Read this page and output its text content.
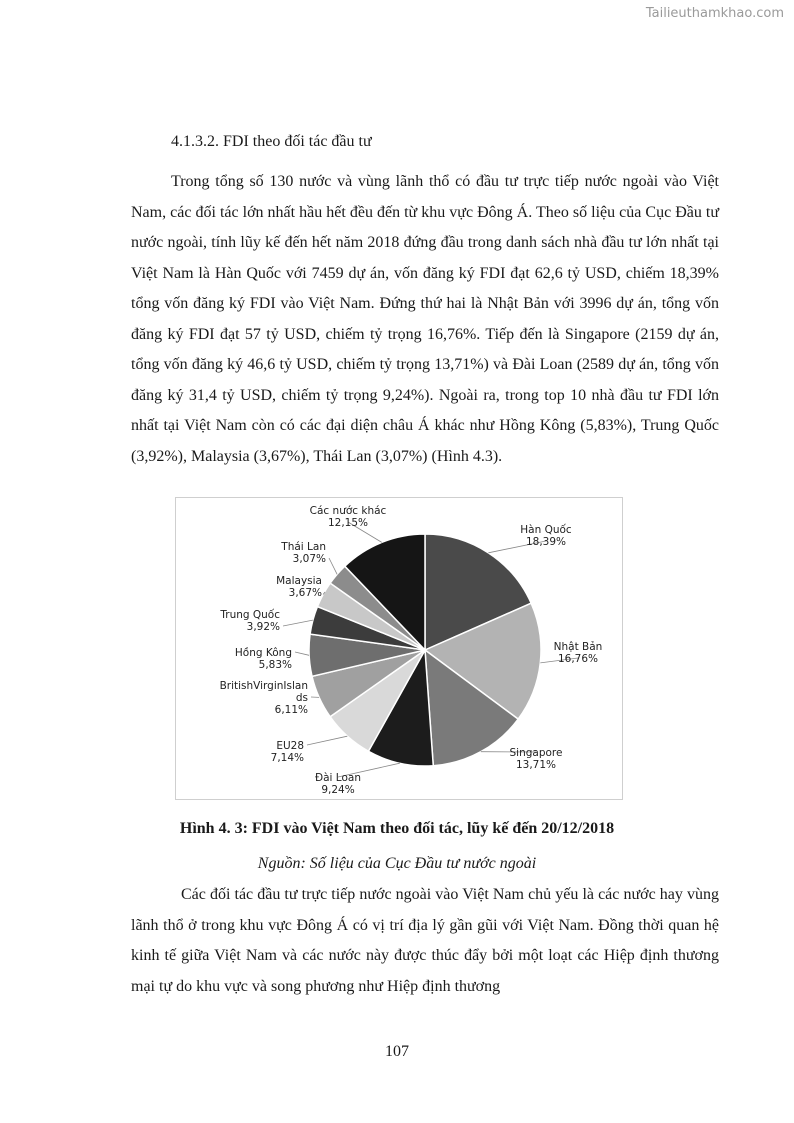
Tailieuthamkhao.com
4.1.3.2. FDI theo đối tác đầu tư

Trong tổng số 130 nước và vùng lãnh thổ có đầu tư trực tiếp nước ngoài vào Việt Nam, các đối tác lớn nhất hầu hết đều đến từ khu vực Đông Á. Theo số liệu của Cục Đầu tư nước ngoài, tính lũy kế đến hết năm 2018 đứng đầu trong danh sách nhà đầu tư lớn nhất tại Việt Nam là Hàn Quốc với 7459 dự án, vốn đăng ký FDI đạt 62,6 tỷ USD, chiếm 18,39% tổng vốn đăng ký FDI vào Việt Nam. Đứng thứ hai là Nhật Bản với 3996 dự án, tổng vốn đăng ký FDI đạt 57 tỷ USD, chiếm tỷ trọng 16,76%. Tiếp đến là Singapore (2159 dự án, tổng vốn đăng ký 46,6 tỷ USD, chiếm tỷ trọng 13,71%) và Đài Loan (2589 dự án, tổng vốn đăng ký 31,4 tỷ USD, chiếm tỷ trọng 9,24%). Ngoài ra, trong top 10 nhà đầu tư FDI lớn nhất tại Việt Nam còn có các đại diện châu Á khác như Hồng Kông (5,83%), Trung Quốc (3,92%), Malaysia (3,67%), Thái Lan (3,07%) (Hình 4.3).

Hàn Quốc
18,39%
Nhật Bản
16,76%
Singapore
13,71%
Đài Loan
9,24%
EU28
7,14%
BritishVirginIslan
ds
6,11%
Hồng Kông
5,83%
Trung Quốc
3,92%
Malaysia
3,67%
Thái Lan
3,07%
Các nước khác
12,15%
Hình 4. 3: FDI vào Việt Nam theo đối tác, lũy kế đến 20/12/2018
Nguồn: Số liệu của Cục Đầu tư nước ngoài

Các đối tác đầu tư trực tiếp nước ngoài vào Việt Nam chủ yếu là các nước hay vùng lãnh thổ ở trong khu vực Đông Á có vị trí địa lý gần gũi với Việt Nam. Đồng thời quan hệ kinh tế giữa Việt Nam và các nước này được thúc đẩy bởi một loạt các Hiệp định thương mại tự do khu vực và song phương như Hiệp định thương

107
